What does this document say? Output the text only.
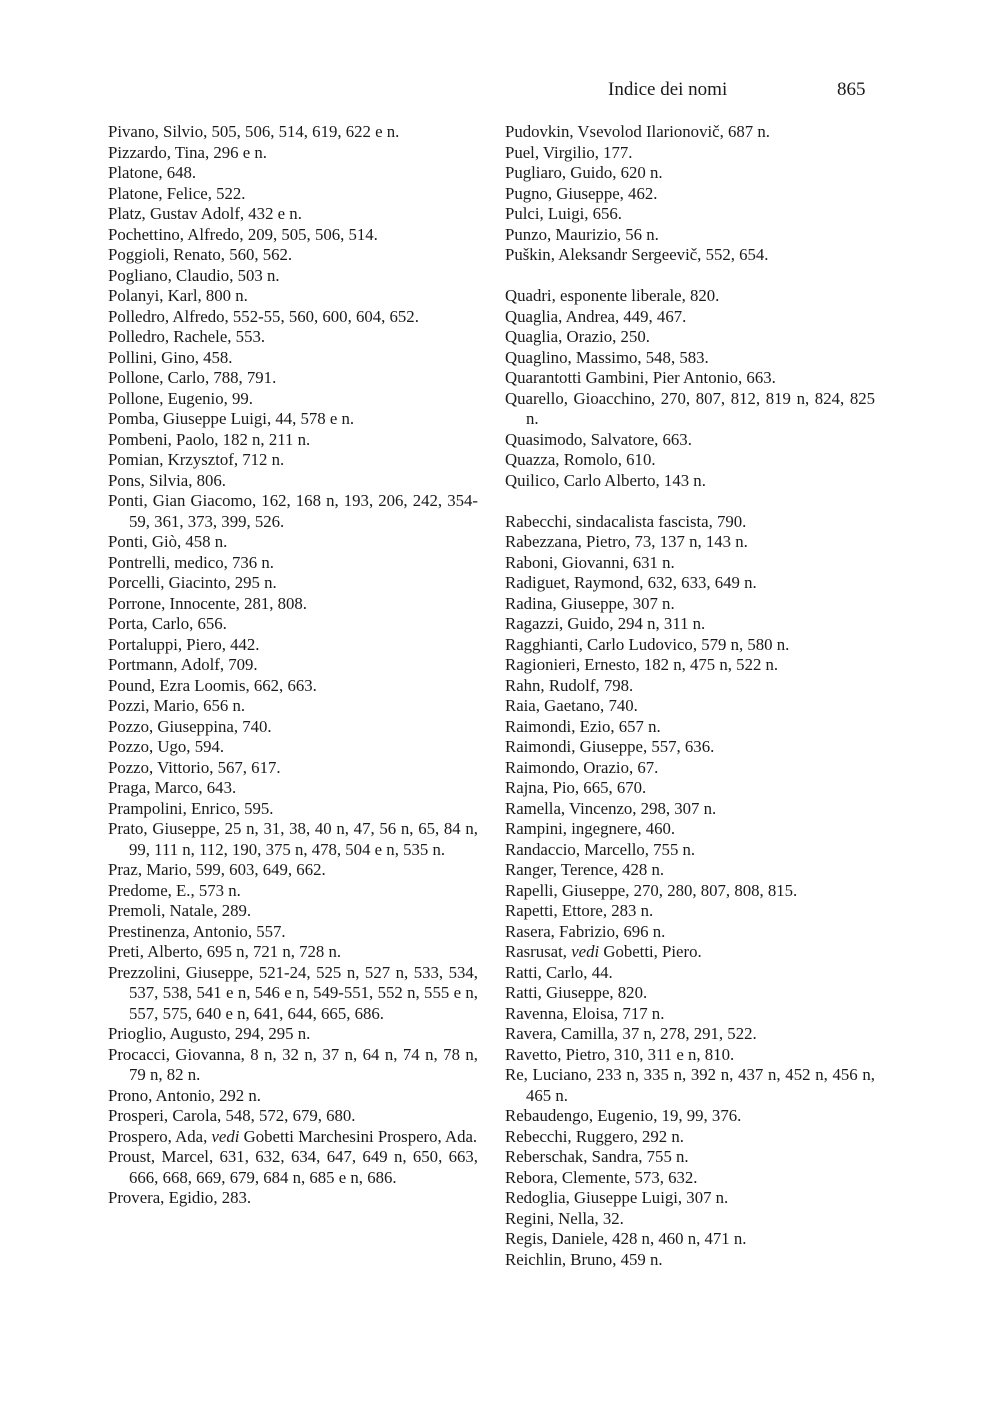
Indice dei nomi	865
Pivano, Silvio, 505, 506, 514, 619, 622 e n.
Pizzardo, Tina, 296 e n.
Platone, 648.
Platone, Felice, 522.
Platz, Gustav Adolf, 432 e n.
Pochettino, Alfredo, 209, 505, 506, 514.
Poggioli, Renato, 560, 562.
Pogliano, Claudio, 503 n.
Polanyi, Karl, 800 n.
Polledro, Alfredo, 552-55, 560, 600, 604, 652.
Polledro, Rachele, 553.
Pollini, Gino, 458.
Pollone, Carlo, 788, 791.
Pollone, Eugenio, 99.
Pomba, Giuseppe Luigi, 44, 578 e n.
Pombeni, Paolo, 182 n, 211 n.
Pomian, Krzysztof, 712 n.
Pons, Silvia, 806.
Ponti, Gian Giacomo, 162, 168 n, 193, 206, 242, 354-59, 361, 373, 399, 526.
Ponti, Giò, 458 n.
Pontrelli, medico, 736 n.
Porcelli, Giacinto, 295 n.
Porrone, Innocente, 281, 808.
Porta, Carlo, 656.
Portaluppi, Piero, 442.
Portmann, Adolf, 709.
Pound, Ezra Loomis, 662, 663.
Pozzi, Mario, 656 n.
Pozzo, Giuseppina, 740.
Pozzo, Ugo, 594.
Pozzo, Vittorio, 567, 617.
Praga, Marco, 643.
Prampolini, Enrico, 595.
Prato, Giuseppe, 25 n, 31, 38, 40 n, 47, 56 n, 65, 84 n, 99, 111 n, 112, 190, 375 n, 478, 504 e n, 535 n.
Praz, Mario, 599, 603, 649, 662.
Predome, E., 573 n.
Premoli, Natale, 289.
Prestinenza, Antonio, 557.
Preti, Alberto, 695 n, 721 n, 728 n.
Prezzolini, Giuseppe, 521-24, 525 n, 527 n, 533, 534, 537, 538, 541 e n, 546 e n, 549-551, 552 n, 555 e n, 557, 575, 640 e n, 641, 644, 665, 686.
Prioglio, Augusto, 294, 295 n.
Procacci, Giovanna, 8 n, 32 n, 37 n, 64 n, 74 n, 78 n, 79 n, 82 n.
Prono, Antonio, 292 n.
Prosperi, Carola, 548, 572, 679, 680.
Prospero, Ada, vedi Gobetti Marchesini Prospero, Ada.
Proust, Marcel, 631, 632, 634, 647, 649 n, 650, 663, 666, 668, 669, 679, 684 n, 685 e n, 686.
Provera, Egidio, 283.
Pudovkin, Vsevolod Ilarionovič, 687 n.
Puel, Virgilio, 177.
Pugliaro, Guido, 620 n.
Pugno, Giuseppe, 462.
Pulci, Luigi, 656.
Punzo, Maurizio, 56 n.
Puškin, Aleksandr Sergeevič, 552, 654.
Quadri, esponente liberale, 820.
Quaglia, Andrea, 449, 467.
Quaglia, Orazio, 250.
Quaglino, Massimo, 548, 583.
Quarantotti Gambini, Pier Antonio, 663.
Quarello, Gioacchino, 270, 807, 812, 819 n, 824, 825 n.
Quasimodo, Salvatore, 663.
Quazza, Romolo, 610.
Quilico, Carlo Alberto, 143 n.
Rabecchi, sindacalista fascista, 790.
Rabezzana, Pietro, 73, 137 n, 143 n.
Raboni, Giovanni, 631 n.
Radiguet, Raymond, 632, 633, 649 n.
Radina, Giuseppe, 307 n.
Ragazzi, Guido, 294 n, 311 n.
Ragghianti, Carlo Ludovico, 579 n, 580 n.
Ragionieri, Ernesto, 182 n, 475 n, 522 n.
Rahn, Rudolf, 798.
Raia, Gaetano, 740.
Raimondi, Ezio, 657 n.
Raimondi, Giuseppe, 557, 636.
Raimondo, Orazio, 67.
Rajna, Pio, 665, 670.
Ramella, Vincenzo, 298, 307 n.
Rampini, ingegnere, 460.
Randaccio, Marcello, 755 n.
Ranger, Terence, 428 n.
Rapelli, Giuseppe, 270, 280, 807, 808, 815.
Rapetti, Ettore, 283 n.
Rasera, Fabrizio, 696 n.
Rasrusat, vedi Gobetti, Piero.
Ratti, Carlo, 44.
Ratti, Giuseppe, 820.
Ravenna, Eloisa, 717 n.
Ravera, Camilla, 37 n, 278, 291, 522.
Ravetto, Pietro, 310, 311 e n, 810.
Re, Luciano, 233 n, 335 n, 392 n, 437 n, 452 n, 456 n, 465 n.
Rebaudengo, Eugenio, 19, 99, 376.
Rebecchi, Ruggero, 292 n.
Reberschak, Sandra, 755 n.
Rebora, Clemente, 573, 632.
Redoglia, Giuseppe Luigi, 307 n.
Regini, Nella, 32.
Regis, Daniele, 428 n, 460 n, 471 n.
Reichlin, Bruno, 459 n.
